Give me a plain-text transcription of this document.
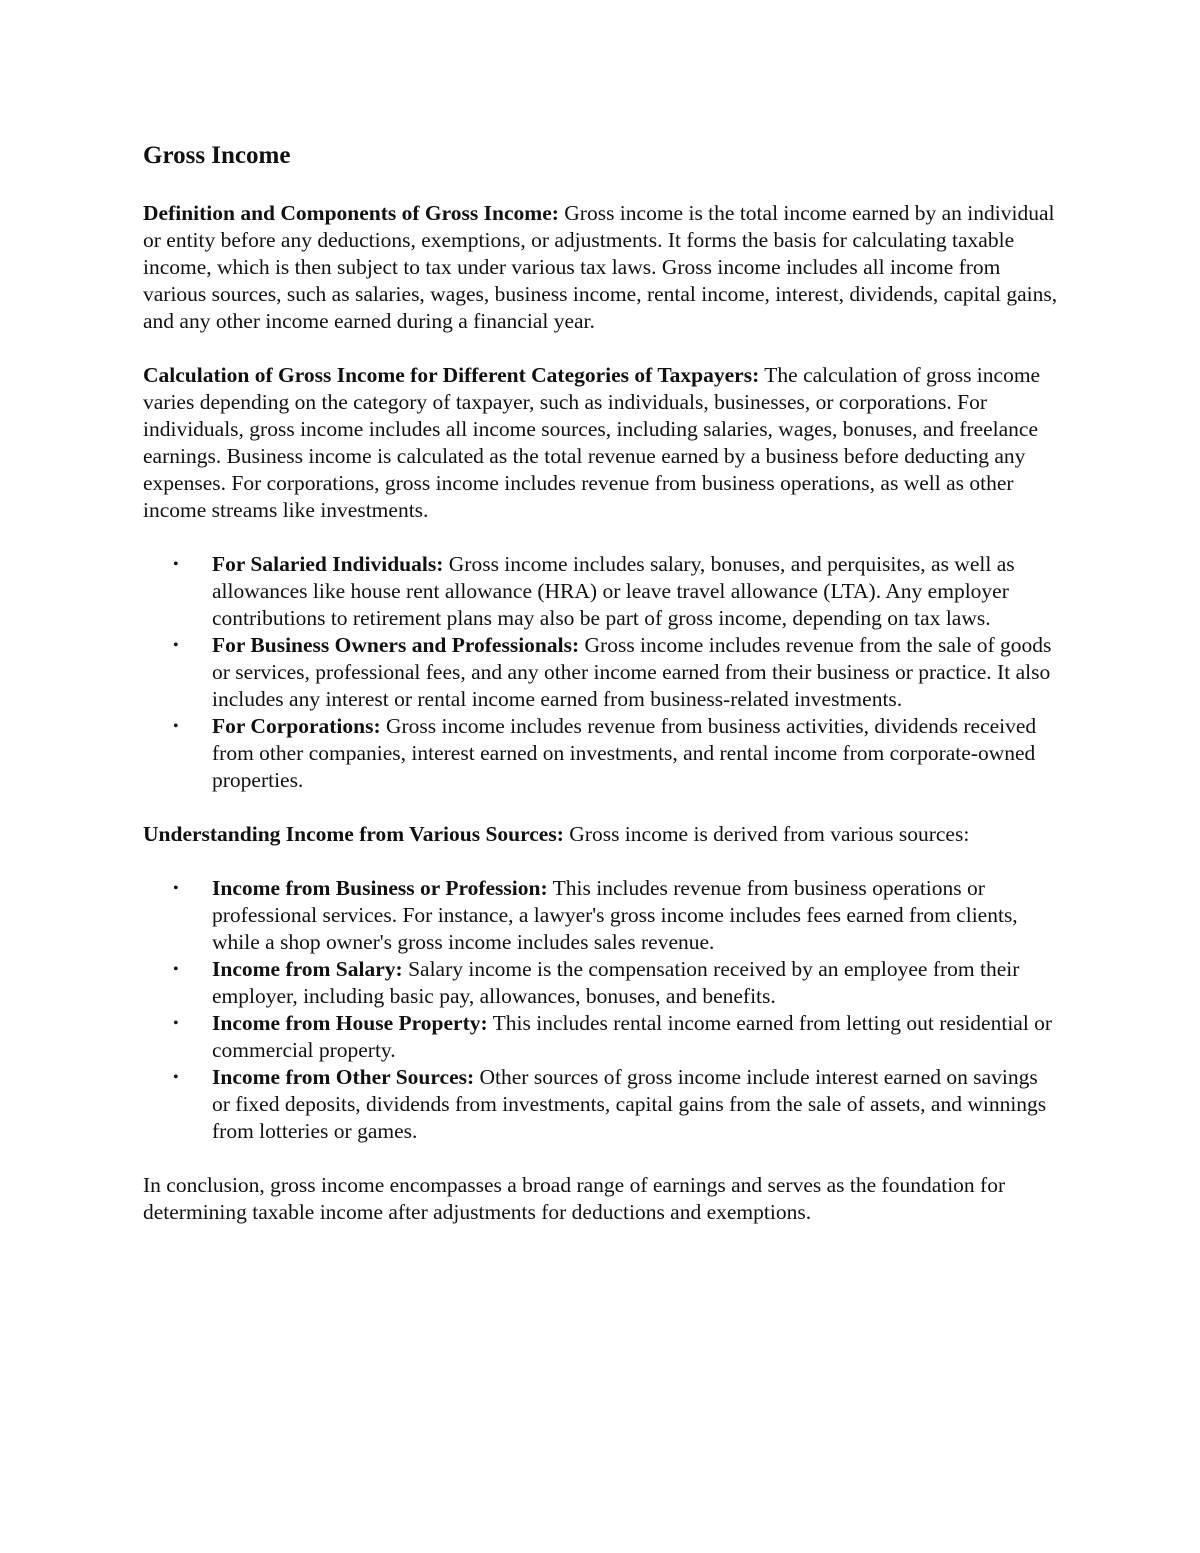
Gross Income

Definition and Components of Gross Income: Gross income is the total income earned by an individual or entity before any deductions, exemptions, or adjustments. It forms the basis for calculating taxable income, which is then subject to tax under various tax laws. Gross income includes all income from various sources, such as salaries, wages, business income, rental income, interest, dividends, capital gains, and any other income earned during a financial year.

Calculation of Gross Income for Different Categories of Taxpayers: The calculation of gross income varies depending on the category of taxpayer, such as individuals, businesses, or corporations. For individuals, gross income includes all income sources, including salaries, wages, bonuses, and freelance earnings. Business income is calculated as the total revenue earned by a business before deducting any expenses. For corporations, gross income includes revenue from business operations, as well as other income streams like investments.

• For Salaried Individuals: Gross income includes salary, bonuses, and perquisites, as well as allowances like house rent allowance (HRA) or leave travel allowance (LTA). Any employer contributions to retirement plans may also be part of gross income, depending on tax laws.
• For Business Owners and Professionals: Gross income includes revenue from the sale of goods or services, professional fees, and any other income earned from their business or practice. It also includes any interest or rental income earned from business-related investments.
• For Corporations: Gross income includes revenue from business activities, dividends received from other companies, interest earned on investments, and rental income from corporate-owned properties.

Understanding Income from Various Sources: Gross income is derived from various sources:

• Income from Business or Profession: This includes revenue from business operations or professional services. For instance, a lawyer's gross income includes fees earned from clients, while a shop owner's gross income includes sales revenue.
• Income from Salary: Salary income is the compensation received by an employee from their employer, including basic pay, allowances, bonuses, and benefits.
• Income from House Property: This includes rental income earned from letting out residential or commercial property.
• Income from Other Sources: Other sources of gross income include interest earned on savings or fixed deposits, dividends from investments, capital gains from the sale of assets, and winnings from lotteries or games.

In conclusion, gross income encompasses a broad range of earnings and serves as the foundation for determining taxable income after adjustments for deductions and exemptions.
